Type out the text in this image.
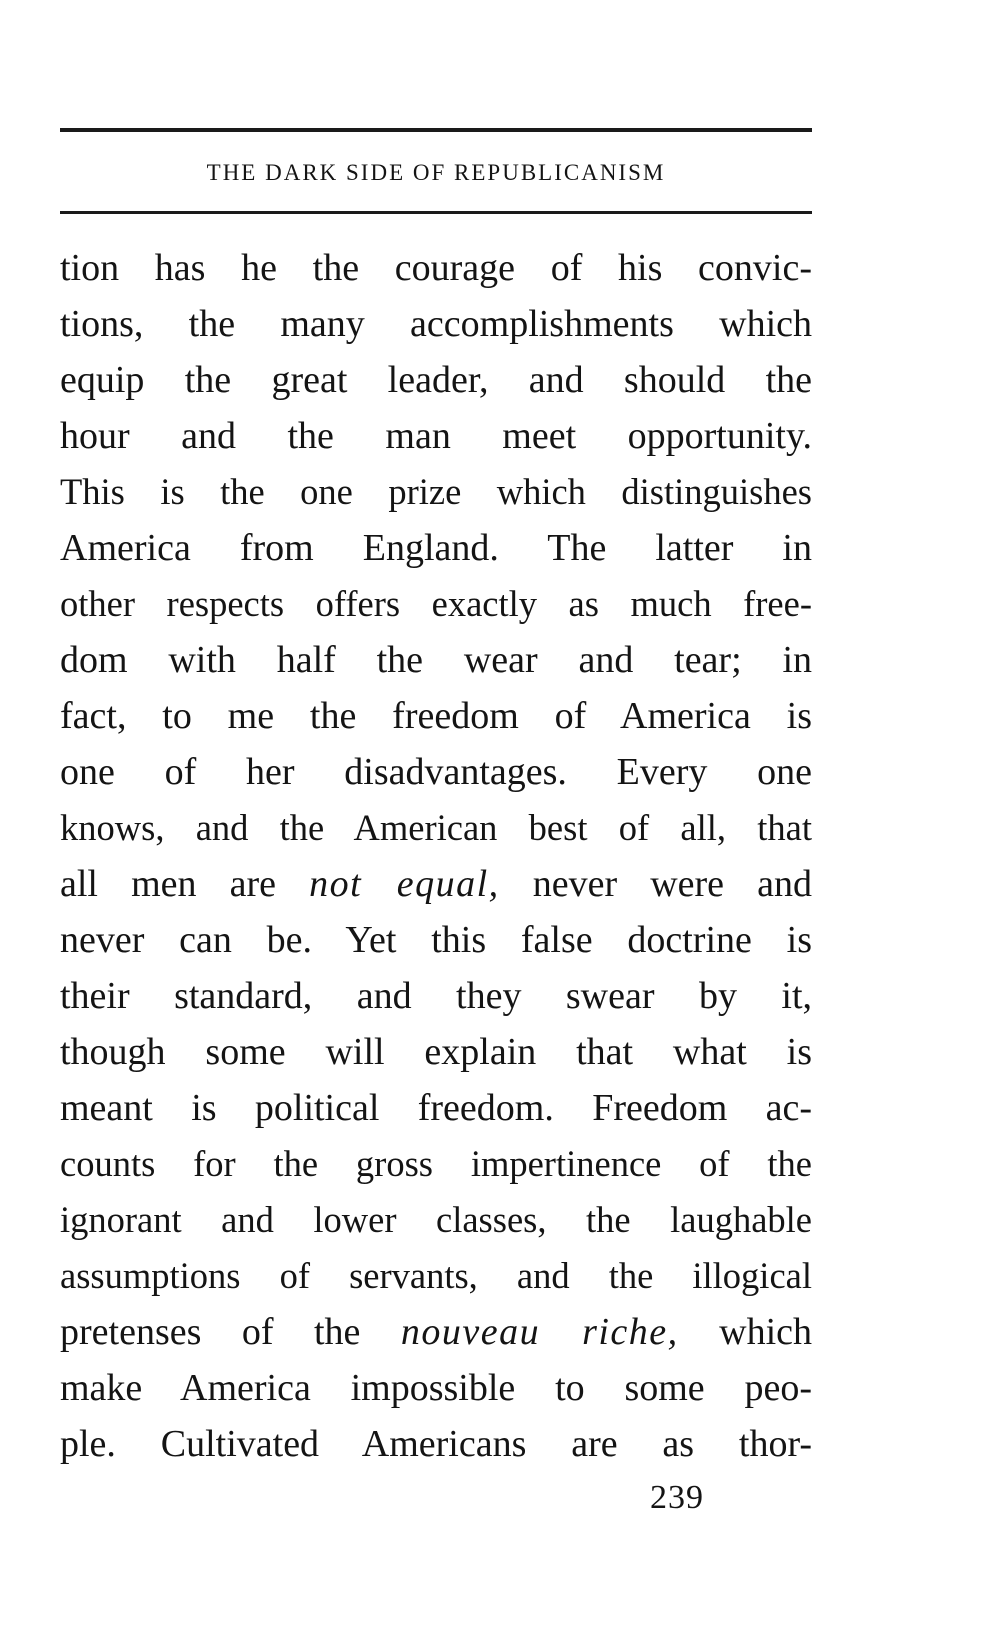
THE DARK SIDE OF REPUBLICANISM
tion has he the courage of his convic-
tions, the many accomplishments which
equip the great leader, and should the
hour and the man meet opportunity.
This is the one prize which distinguishes
America from England. The latter in
other respects offers exactly as much free-
dom with half the wear and tear; in
fact, to me the freedom of America is
one of her disadvantages. Every one
knows, and the American best of all, that
all men are not equal, never were and
never can be. Yet this false doctrine is
their standard, and they swear by it,
though some will explain that what is
meant is political freedom. Freedom ac-
counts for the gross impertinence of the
ignorant and lower classes, the laughable
assumptions of servants, and the illogical
pretenses of the nouveau riche, which
make America impossible to some peo-
ple. Cultivated Americans are as thor-
239
